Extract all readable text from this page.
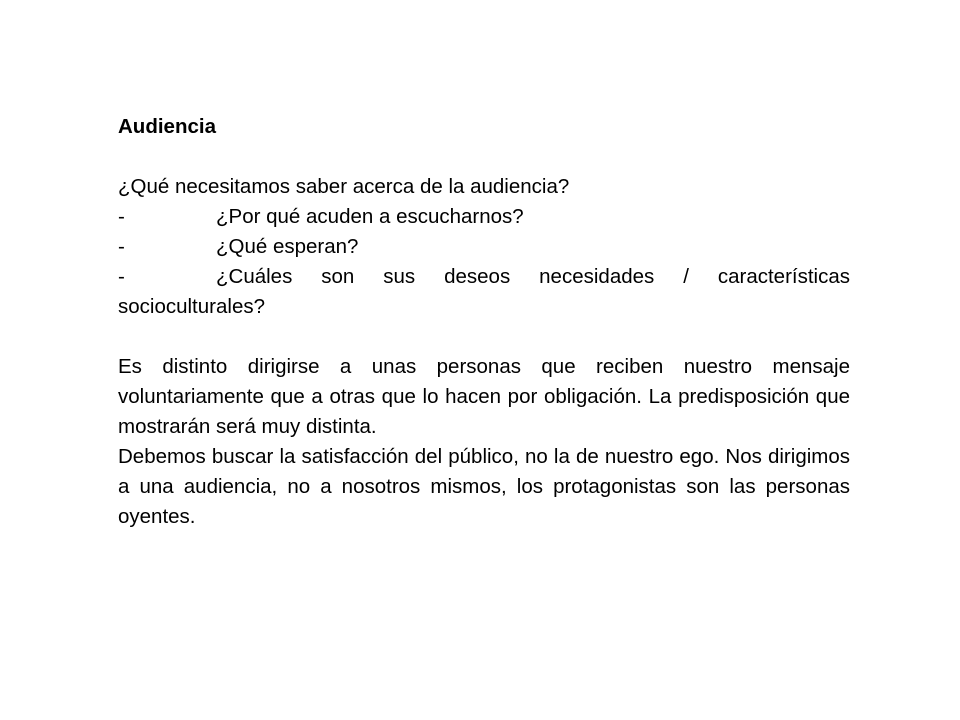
Audiencia

¿Qué necesitamos saber acerca de la audiencia?

-	¿Por qué acuden a escucharnos?

-	¿Qué esperan?

-	¿Cuáles son sus deseos necesidades / características socioculturales?

Es distinto dirigirse a unas personas que reciben nuestro mensaje voluntariamente que a otras que lo hacen por obligación. La predisposición que mostrarán será muy distinta.

Debemos buscar la satisfacción del público, no la de nuestro ego. Nos dirigimos a una audiencia, no a nosotros mismos, los protagonistas son las personas oyentes.
